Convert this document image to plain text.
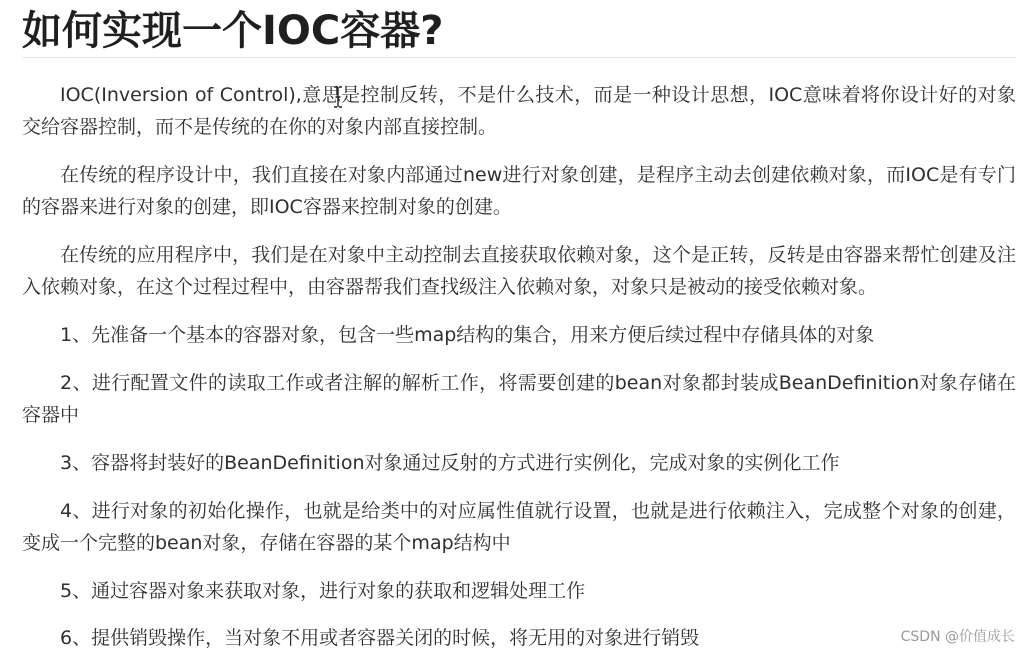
如何实现一个IOC容器?

IOC(Inversion of Control),意思是控制反转，不是什么技术，而是一种设计思想，IOC意味着将你设计好的对象交给容器控制，而不是传统的在你的对象内部直接控制。

在传统的程序设计中，我们直接在对象内部通过new进行对象创建，是程序主动去创建依赖对象，而IOC是有专门的容器来进行对象的创建，即IOC容器来控制对象的创建。

在传统的应用程序中，我们是在对象中主动控制去直接获取依赖对象，这个是正转，反转是由容器来帮忙创建及注入依赖对象，在这个过程过程中，由容器帮我们查找级注入依赖对象，对象只是被动的接受依赖对象。

1、先准备一个基本的容器对象，包含一些map结构的集合，用来方便后续过程中存储具体的对象

2、进行配置文件的读取工作或者注解的解析工作，将需要创建的bean对象都封装成BeanDefinition对象存储在容器中

3、容器将封装好的BeanDefinition对象通过反射的方式进行实例化，完成对象的实例化工作

4、进行对象的初始化操作，也就是给类中的对应属性值就行设置，也就是进行依赖注入，完成整个对象的创建，变成一个完整的bean对象，存储在容器的某个map结构中

5、通过容器对象来获取对象，进行对象的获取和逻辑处理工作

6、提供销毁操作，当对象不用或者容器关闭的时候，将无用的对象进行销毁	CSDN @价值成长
